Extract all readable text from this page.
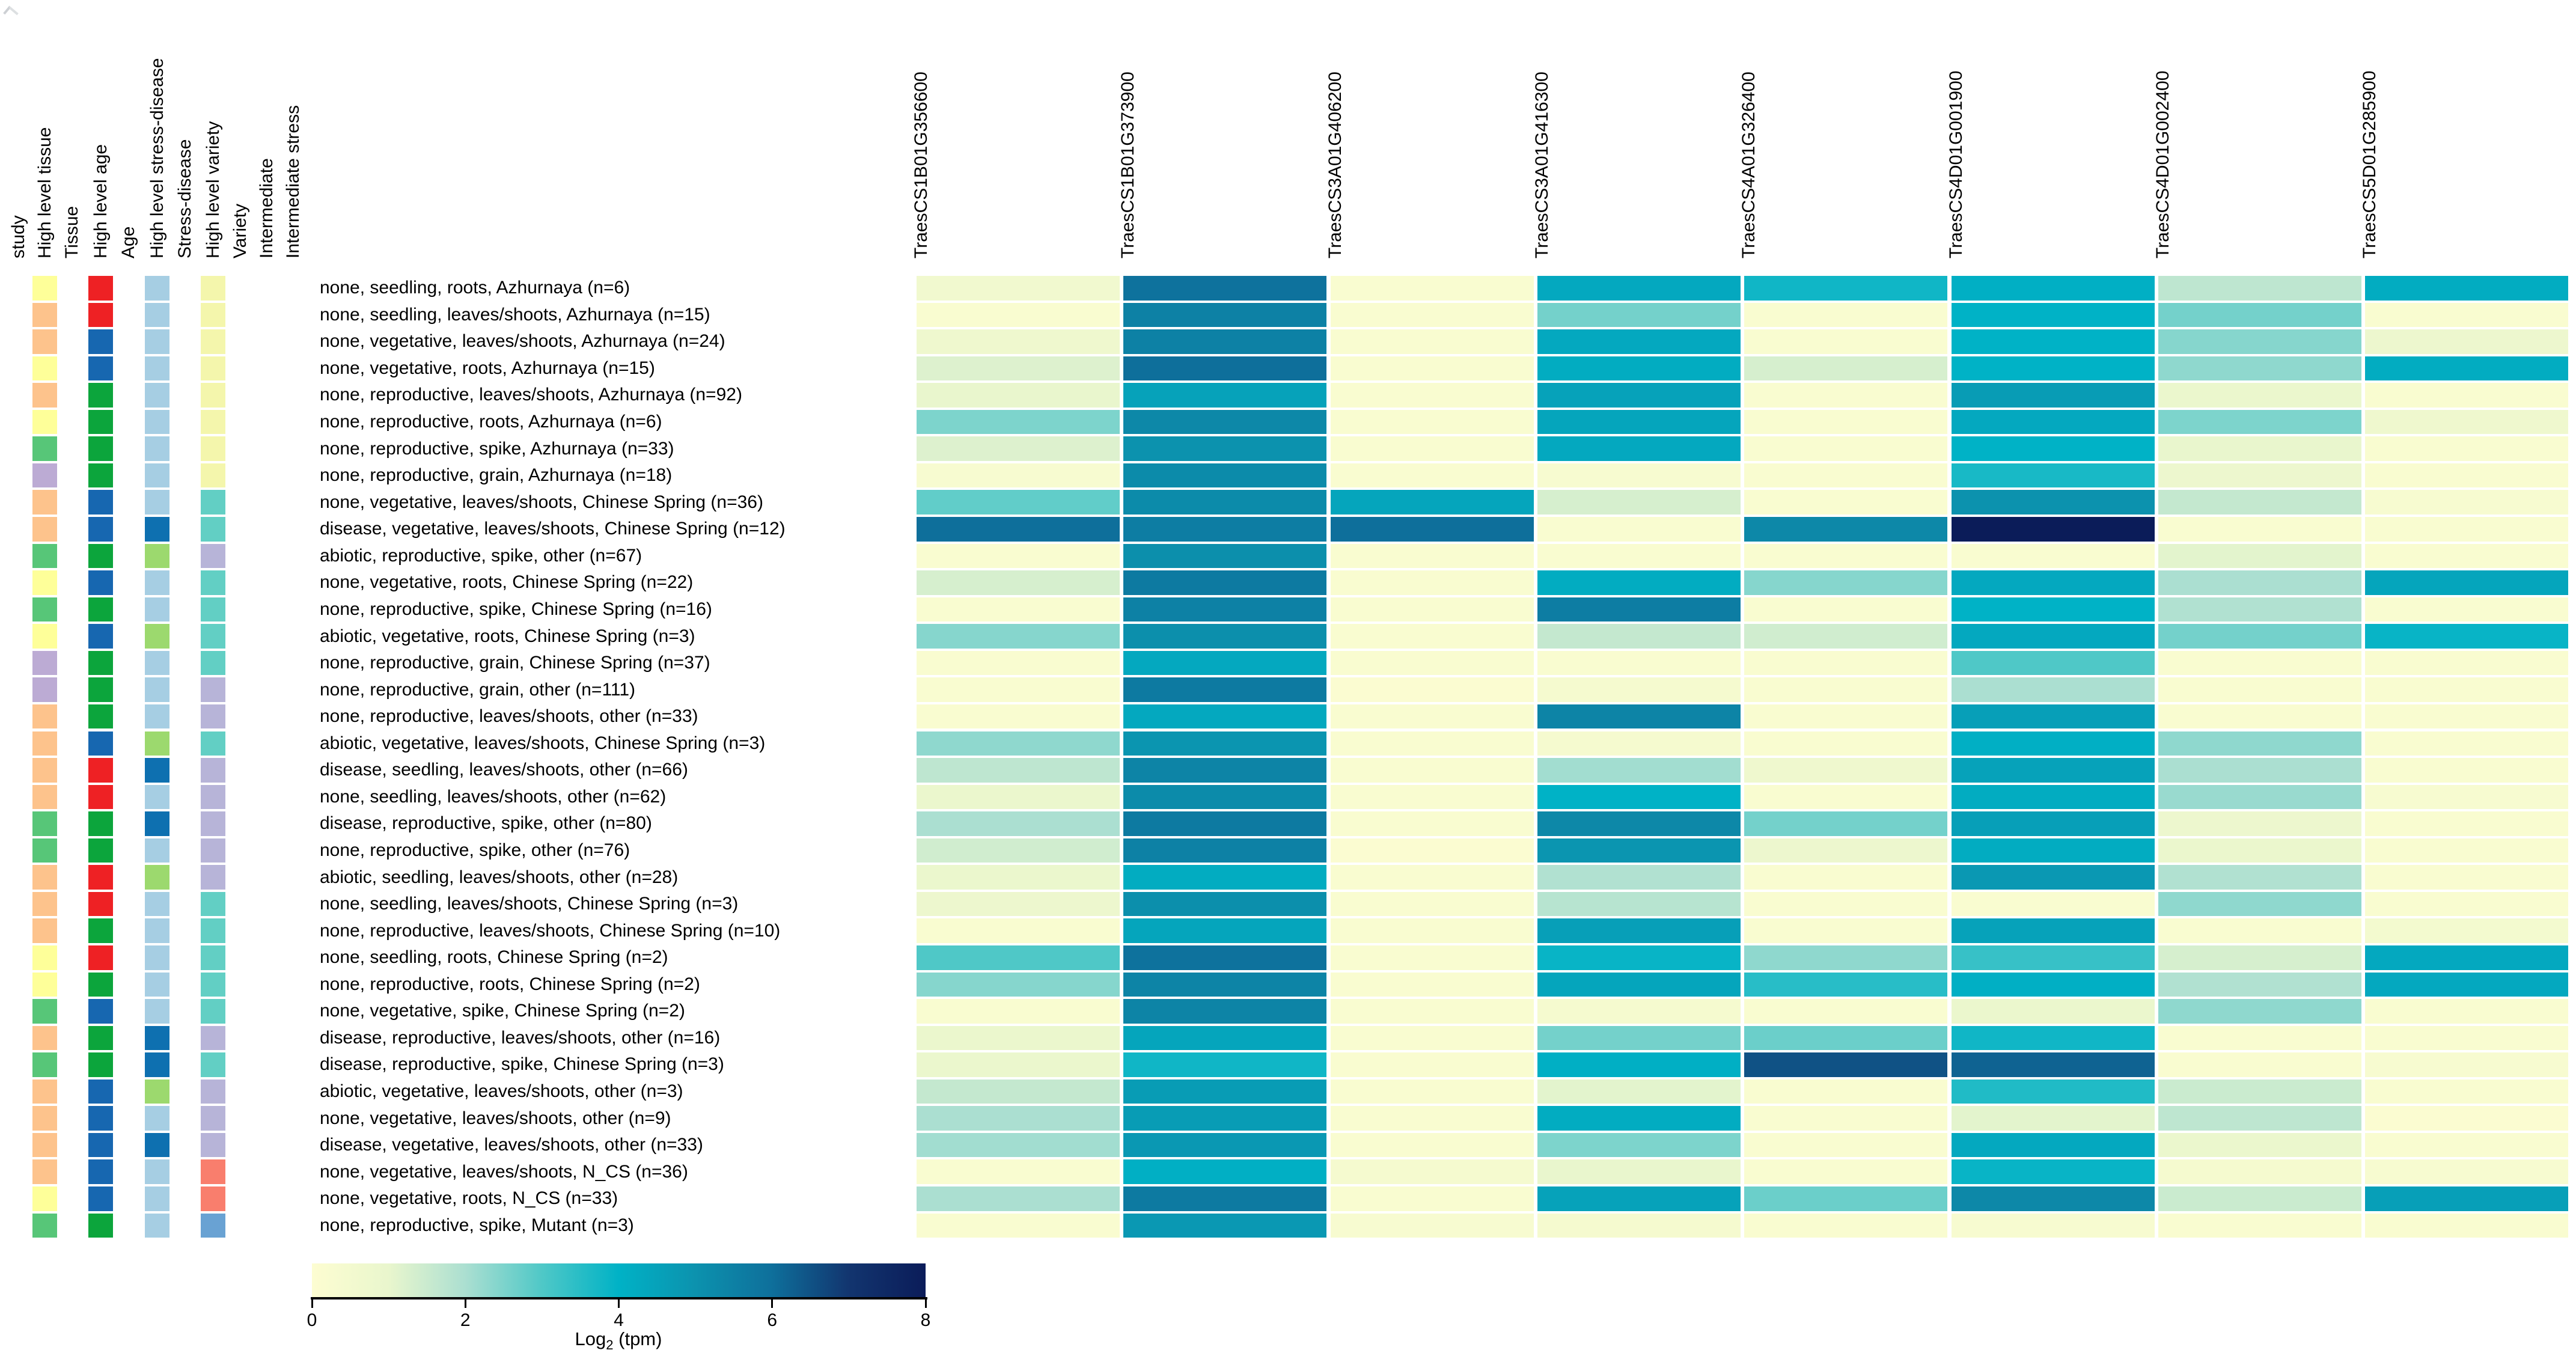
study High level tissue Tissue High level age Age High level stress-disease Stress-disease High level variety Variety Intermediate Intermediate stress	TraesCS1B01G356600	TraesCS1B01G373900	TraesCS3A01G406200	TraesCS3A01G416300	TraesCS4A01G326400	TraesCS4D01G001900	TraesCS4D01G002400	TraesCS5D01G285900
none, seedling, roots, Azhurnaya (n=6)
none, seedling, leaves/shoots, Azhurnaya (n=15)
none, vegetative, leaves/shoots, Azhurnaya (n=24)
none, vegetative, roots, Azhurnaya (n=15)
none, reproductive, leaves/shoots, Azhurnaya (n=92)
none, reproductive, roots, Azhurnaya (n=6)
none, reproductive, spike, Azhurnaya (n=33)
none, reproductive, grain, Azhurnaya (n=18)
none, vegetative, leaves/shoots, Chinese Spring (n=36)
disease, vegetative, leaves/shoots, Chinese Spring (n=12)
abiotic, reproductive, spike, other (n=67)
none, vegetative, roots, Chinese Spring (n=22)
none, reproductive, spike, Chinese Spring (n=16)
abiotic, vegetative, roots, Chinese Spring (n=3)
none, reproductive, grain, Chinese Spring (n=37)
none, reproductive, grain, other (n=111)
none, reproductive, leaves/shoots, other (n=33)
abiotic, vegetative, leaves/shoots, Chinese Spring (n=3)
disease, seedling, leaves/shoots, other (n=66)
none, seedling, leaves/shoots, other (n=62)
disease, reproductive, spike, other (n=80)
none, reproductive, spike, other (n=76)
abiotic, seedling, leaves/shoots, other (n=28)
none, seedling, leaves/shoots, Chinese Spring (n=3)
none, reproductive, leaves/shoots, Chinese Spring (n=10)
none, seedling, roots, Chinese Spring (n=2)
none, reproductive, roots, Chinese Spring (n=2)
none, vegetative, spike, Chinese Spring (n=2)
disease, reproductive, leaves/shoots, other (n=16)
disease, reproductive, spike, Chinese Spring (n=3)
abiotic, vegetative, leaves/shoots, other (n=3)
none, vegetative, leaves/shoots, other (n=9)
disease, vegetative, leaves/shoots, other (n=33)
none, vegetative, leaves/shoots, N_CS (n=36)
none, vegetative, roots, N_CS (n=33)
none, reproductive, spike, Mutant (n=3)
0	2	4	6	8
Log$_2$ (tpm)
